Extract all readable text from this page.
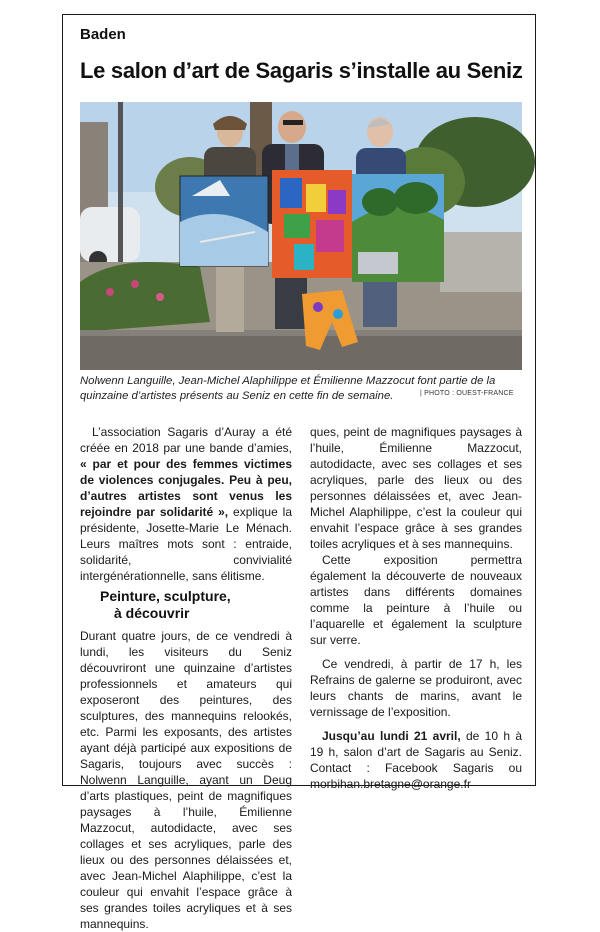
Baden
Le salon d’art de Sagaris s’installe au Seniz
Nolwenn Languille, Jean-Michel Alaphilippe et Émilienne Mazzocut font partie de la quinzaine d’artistes présents au Seniz en cette fin de semaine.	| PHOTO : OUEST-FRANCE

L’association Sagaris d’Auray a été créée en 2018 par une bande d’amies, « par et pour des femmes victimes de violences conjugales. Peu à peu, d’autres artistes sont venus les rejoindre par solidarité », explique la présidente, Josette-Marie Le Ménach. Leurs maîtres mots sont : entraide, solidarité, convivialité intergénérationnelle, sans élitisme.

Peinture, sculpture,
à découvrir

Durant quatre jours, de ce vendredi à lundi, les visiteurs du Seniz découvriront une quinzaine d’artistes professionnels et amateurs qui exposeront des peintures, des sculptures, des mannequins relookés, etc. Parmi les exposants, des artistes ayant déjà participé aux expositions de Sagaris, toujours avec succès : Nolwenn Languille, ayant un Deug d’arts plastiques, peint de magnifiques paysages à l’huile, Émilienne Mazzocut, autodidacte, avec ses collages et ses acryliques, parle des lieux ou des personnes délaissées et, avec Jean-Michel Alaphilippe, c’est la couleur qui envahit l’espace grâce à ses grandes toiles acryliques et à ses mannequins.

ques, peint de magnifiques paysages à l’huile, Émilienne Mazzocut, autodidacte, avec ses collages et ses acryliques, parle des lieux ou des personnes délaissées et, avec Jean-Michel Alaphilippe, c’est la couleur qui envahit l’espace grâce à ses grandes toiles acryliques et à ses mannequins.

Cette exposition permettra également la découverte de nouveaux artistes dans différents domaines comme la peinture à l’huile ou l’aquarelle et également la sculpture sur verre.

Ce vendredi, à partir de 17 h, les Refrains de galerne se produiront, avec leurs chants de marins, avant le vernissage de l’exposition.

Jusqu’au lundi 21 avril, de 10 h à 19 h, salon d’art de Sagaris au Seniz. Contact : Facebook Sagaris ou morbihan.bretagne@orange.fr
